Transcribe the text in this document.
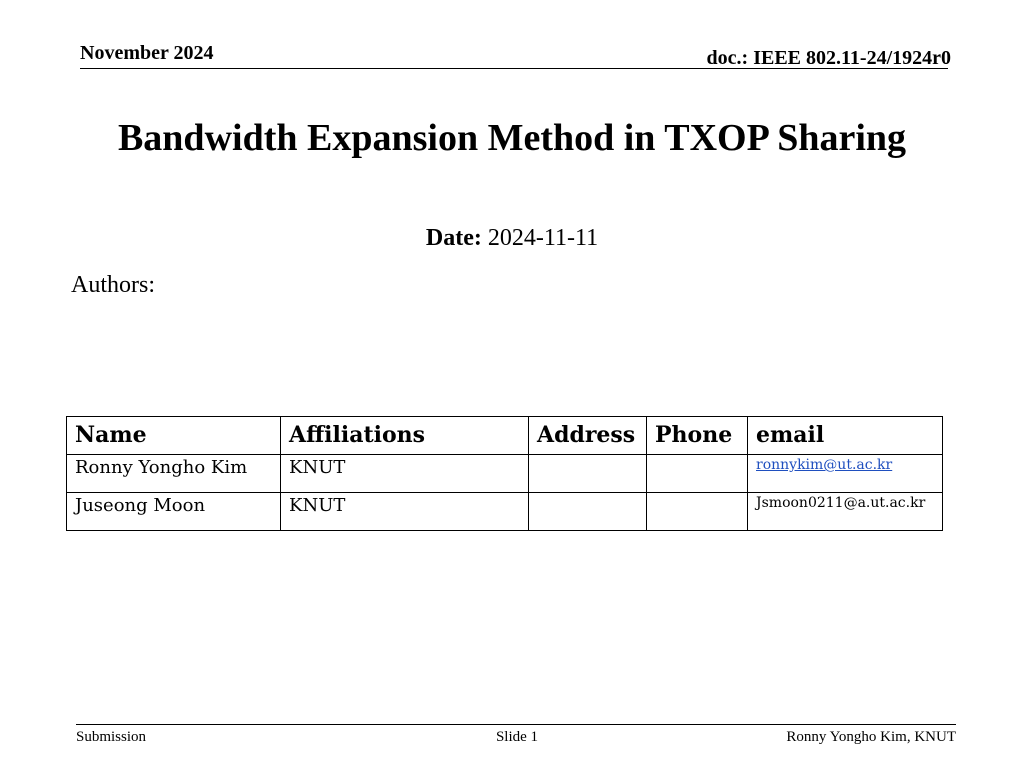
November 2024	doc.: IEEE 802.11-24/1924r0
Bandwidth Expansion Method in TXOP Sharing
Date: 2024-11-11
Authors:
Name	Affiliations	Address	Phone	email
Ronny Yongho Kim	KNUT			ronnykim@ut.ac.kr
Juseong Moon	KNUT			Jsmoon0211@a.ut.ac.kr
Submission	Slide 1	Ronny Yongho Kim, KNUT
